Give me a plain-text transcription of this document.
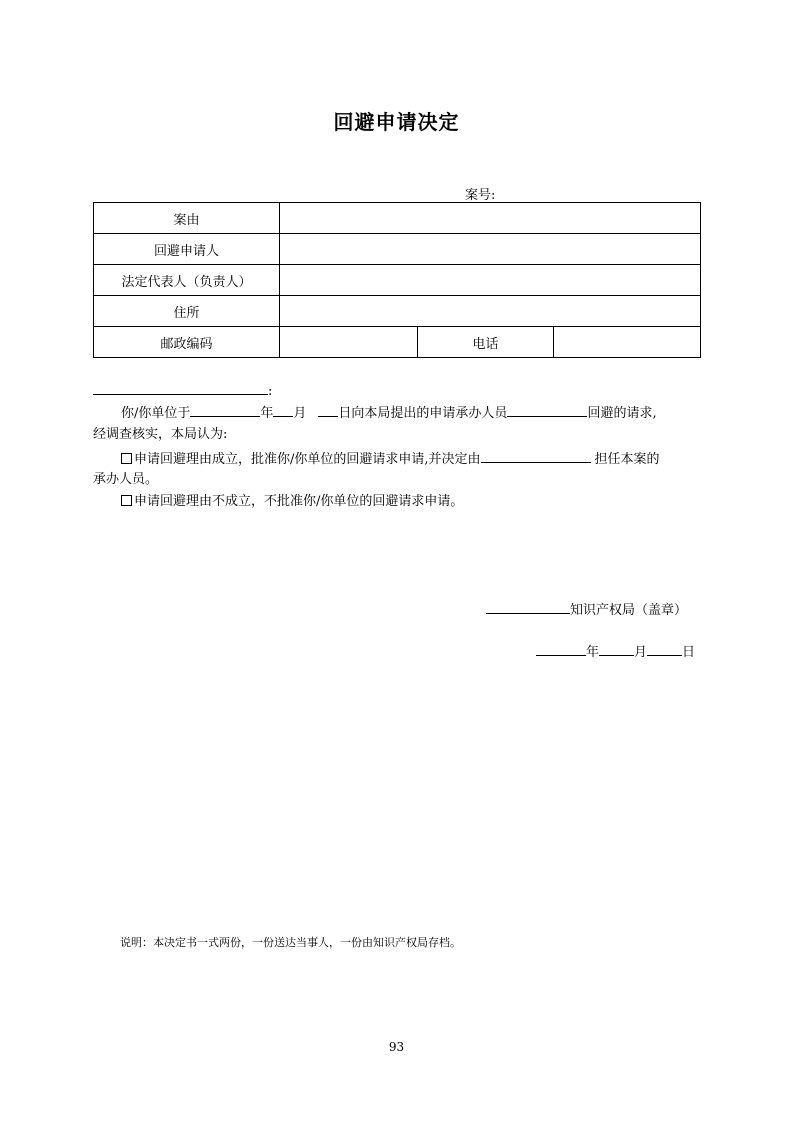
回避申请决定
案号:
案由			
回避申请人			
法定代表人（负责人）			
住所			
邮政编码		电话	
:
你/你单位于	年 月 日向本局提出的申请承办人员	回避的请求,
经调查核实，本局认为:
申请回避理由成立，批准你/你单位的回避请求申请,并决定由	担任本案的
承办人员。
申请回避理由不成立，不批准你/你单位的回避请求申请。
知识产权局（盖章）
年	月	日
说明：本决定书一式两份，一份送达当事人，一份由知识产权局存档。
93
